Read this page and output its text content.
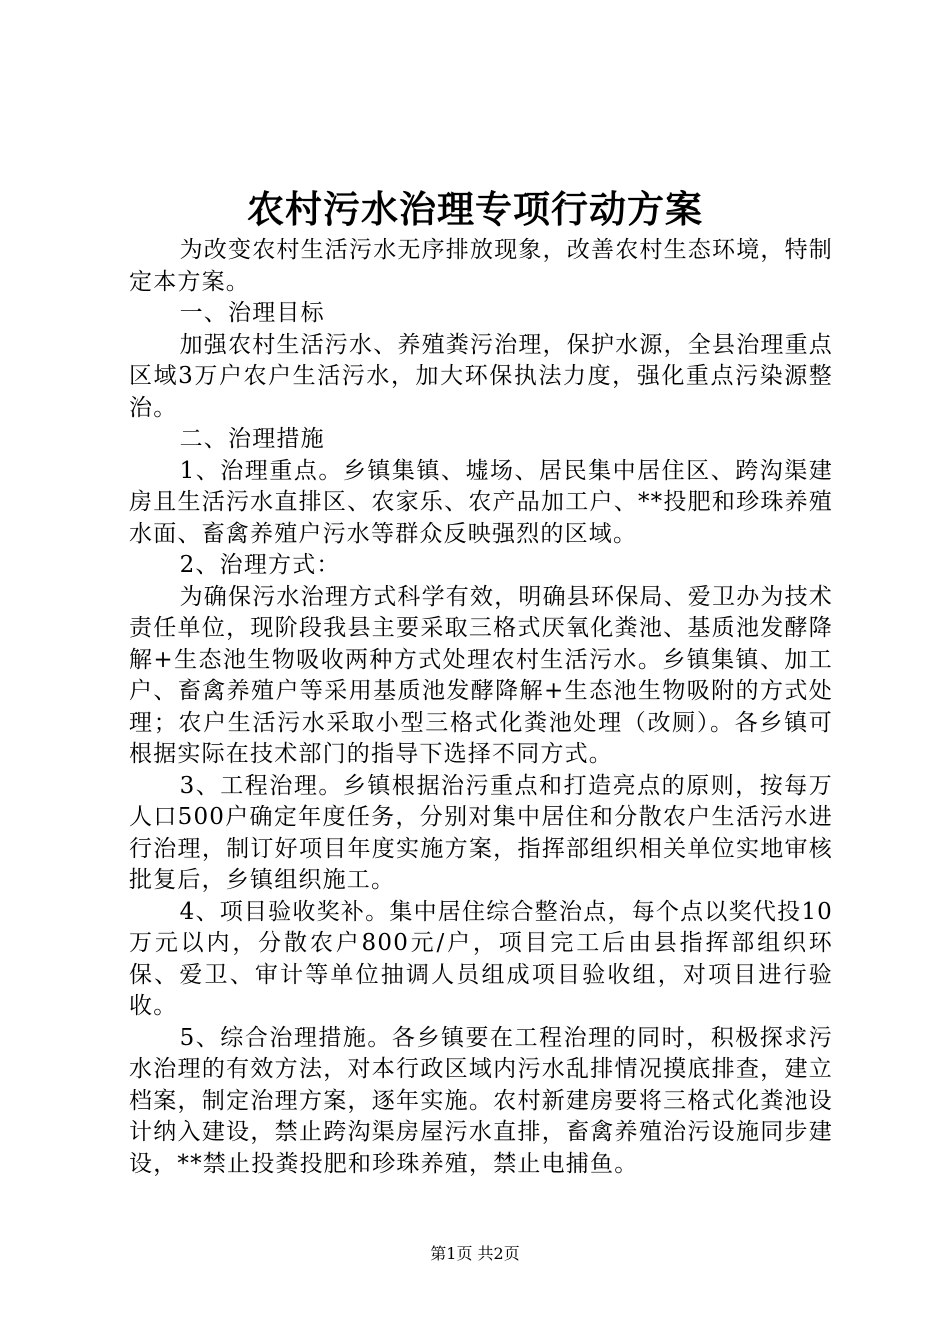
农村污水治理专项行动方案

为改变农村生活污水无序排放现象，改善农村生态环境，特制定本方案。

一、治理目标

加强农村生活污水、养殖粪污治理，保护水源，全县治理重点区域3万户农户生活污水，加大环保执法力度，强化重点污染源整治。

二、治理措施

1、治理重点。乡镇集镇、墟场、居民集中居住区、跨沟渠建房且生活污水直排区、农家乐、农产品加工户、**投肥和珍珠养殖水面、畜禽养殖户污水等群众反映强烈的区域。

2、治理方式：

为确保污水治理方式科学有效，明确县环保局、爱卫办为技术责任单位，现阶段我县主要采取三格式厌氧化粪池、基质池发酵降解+生态池生物吸收两种方式处理农村生活污水。乡镇集镇、加工户、畜禽养殖户等采用基质池发酵降解+生态池生物吸附的方式处理；农户生活污水采取小型三格式化粪池处理（改厕）。各乡镇可根据实际在技术部门的指导下选择不同方式。

3、工程治理。乡镇根据治污重点和打造亮点的原则，按每万人口500户确定年度任务，分别对集中居住和分散农户生活污水进行治理，制订好项目年度实施方案，指挥部组织相关单位实地审核批复后，乡镇组织施工。

4、项目验收奖补。集中居住综合整治点，每个点以奖代投10万元以内，分散农户800元/户，项目完工后由县指挥部组织环保、爱卫、审计等单位抽调人员组成项目验收组，对项目进行验收。

5、综合治理措施。各乡镇要在工程治理的同时，积极探求污水治理的有效方法，对本行政区域内污水乱排情况摸底排查，建立档案，制定治理方案，逐年实施。农村新建房要将三格式化粪池设计纳入建设，禁止跨沟渠房屋污水直排，畜禽养殖治污设施同步建设，**禁止投粪投肥和珍珠养殖，禁止电捕鱼。

第1页 共2页
